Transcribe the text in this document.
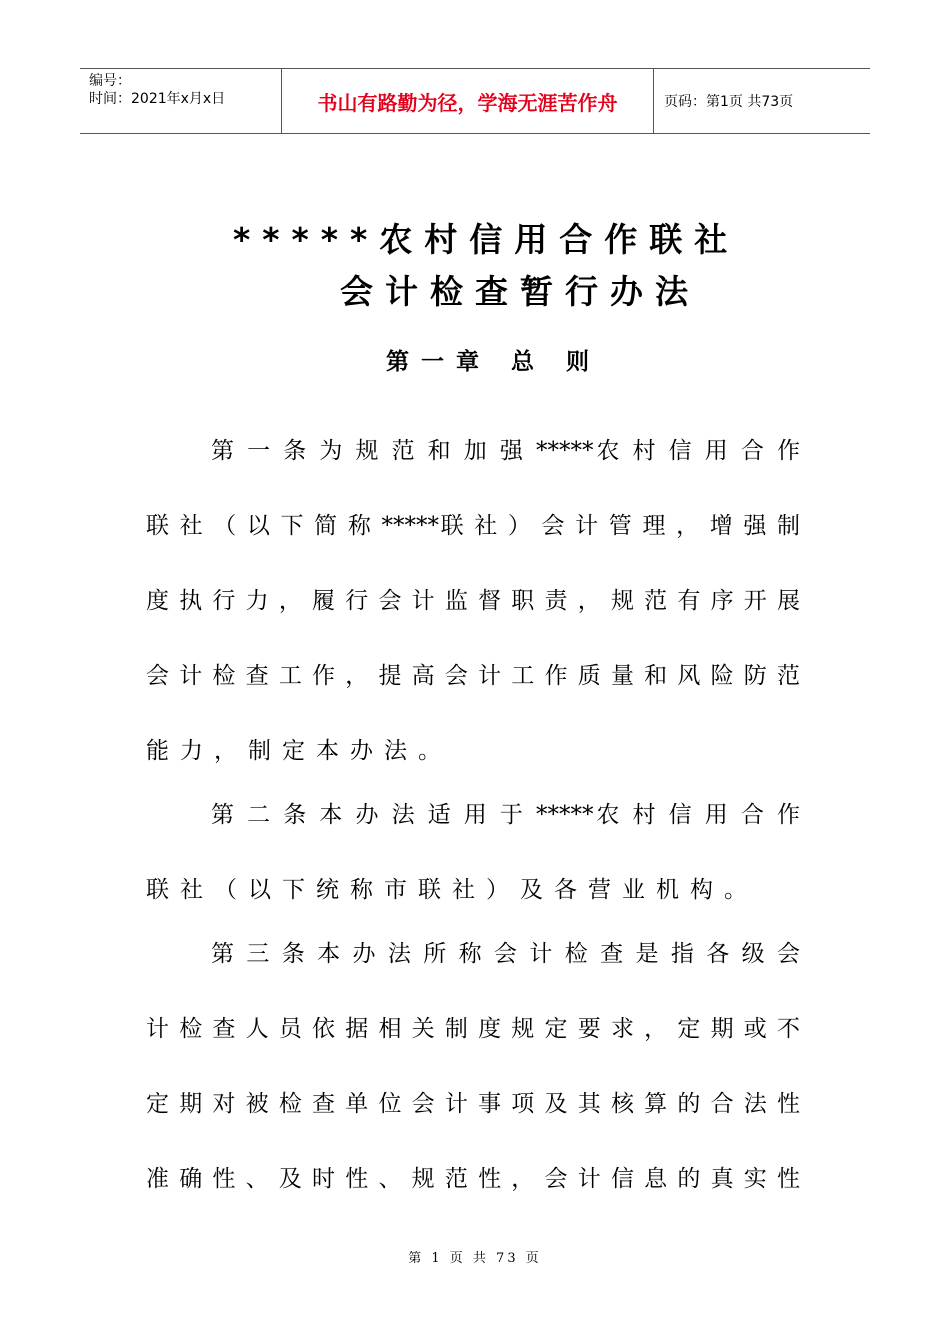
编号：
时间：2021年x月x日	书山有路勤为径，学海无涯苦作舟	页码：第1页 共73页
*****农村信用合作联社
会计检查暂行办法
第一章 总 则
第 一 条 为 规 范 和 加 强 *****农 村 信 用 合 作
联 社 （ 以 下 简 称 *****联 社 ） 会 计 管 理 ， 增 强 制
度 执 行 力 ， 履 行 会 计 监 督 职 责 ， 规 范 有 序 开 展
会 计 检 查 工 作 ， 提 高 会 计 工 作 质 量 和 风 险 防 范
能力，制定本办法。
第 二 条 本 办 法 适 用 于 *****农 村 信 用 合 作
联社（以下统称市联社）及各营业机构。
第 三 条 本 办 法 所 称 会 计 检 查 是 指 各 级 会
计 检 查 人 员 依 据 相 关 制 度 规 定 要 求 ， 定 期 或 不
定 期 对 被 检 查 单 位 会 计 事 项 及 其 核 算 的 合 法 性
准 确 性 、 及 时 性 、 规 范 性 ， 会 计 信 息 的 真 实 性
第 1 页 共 73 页
